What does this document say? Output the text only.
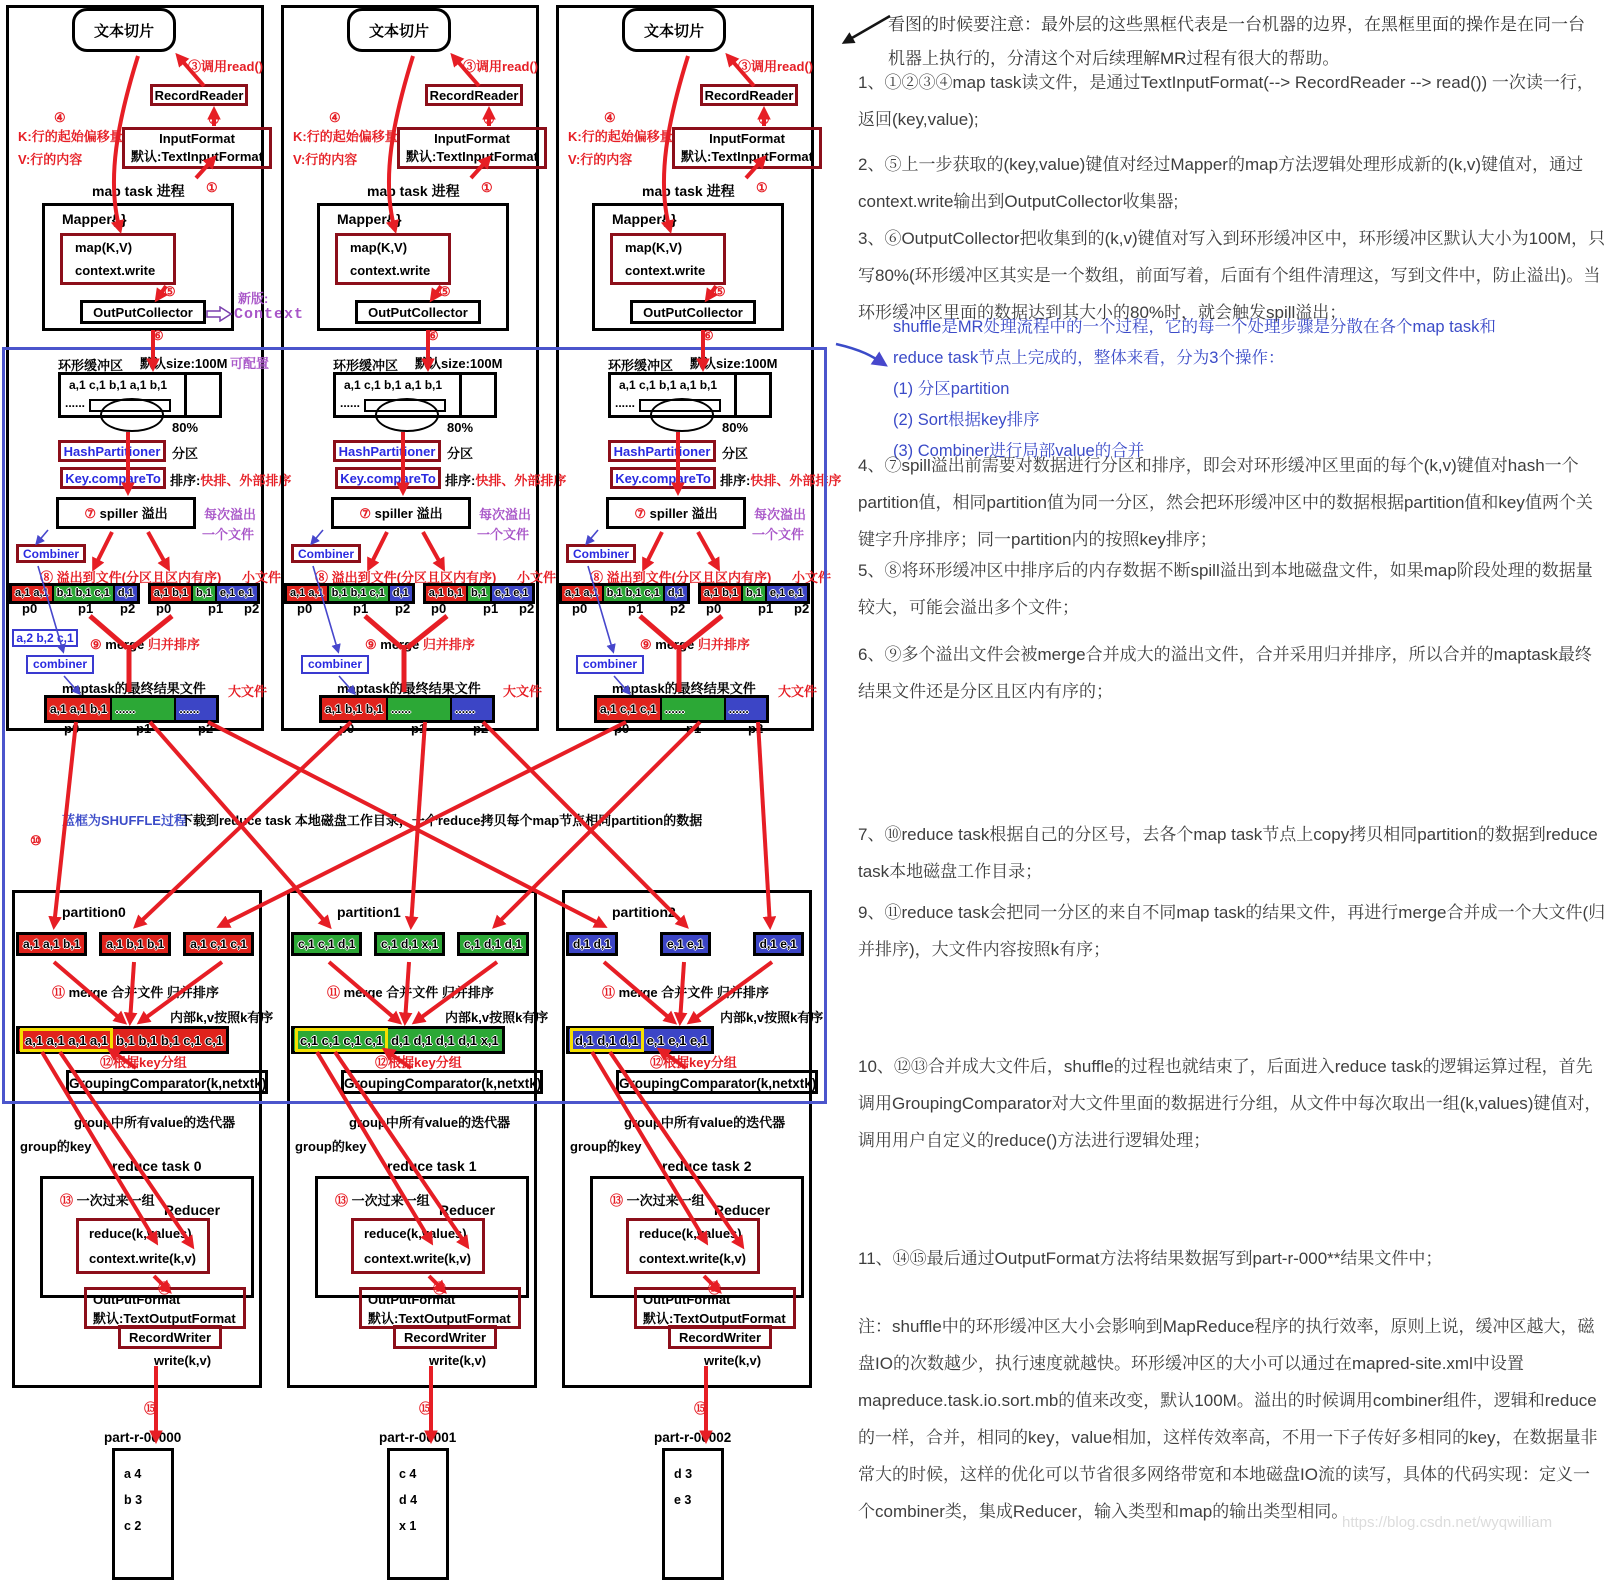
蓝框为SHUFFLE过程
下载到reduce task 本地磁盘工作目录，一个reduce拷贝每个map节点相同partition的数据
⑩
看图的时候要注意：最外层的这些黑框代表是一台机器的边界，在黑框里面的操作是在同一台机器上执行的，分清这个对后续理解MR过程有很大的帮助。
1、①②③④map task读文件，是通过TextInputFormat(--> RecordReader --> read()) 一次读一行，返回(key,value);
2、⑤上一步获取的(key,value)键值对经过Mapper的map方法逻辑处理形成新的(k,v)键值对，通过context.write输出到OutputCollector收集器;
3、⑥OutputCollector把收集到的(k,v)键值对写入到环形缓冲区中，环形缓冲区默认大小为100M，只写80%(环形缓冲区其实是一个数组，前面写着，后面有个组件清理这，写到文件中，防止溢出)。当环形缓冲区里面的数据达到其大小的80%时，就会触发spill溢出；
shuffle是MR处理流程中的一个过程，它的每一个处理步骤是分散在各个map task和reduce task节点上完成的，整体来看，分为3个操作：
(1) 分区partition
(2) Sort根据key排序
(3) Combiner进行局部value的合并
4、⑦spill溢出前需要对数据进行分区和排序，即会对环形缓冲区里面的每个(k,v)键值对hash一个partition值，相同partition值为同一分区，然会把环形缓冲区中的数据根据partition值和key值两个关键字升序排序；同一partition内的按照key排序；
5、⑧将环形缓冲区中排序后的内存数据不断spill溢出到本地磁盘文件，如果map阶段处理的数据量较大，可能会溢出多个文件；
6、⑨多个溢出文件会被merge合并成大的溢出文件，合并采用归并排序，所以合并的maptask最终结果文件还是分区且区内有序的；
7、⑩reduce task根据自己的分区号，去各个map task节点上copy拷贝相同partition的数据到reduce task本地磁盘工作目录；
9、⑪reduce task会把同一分区的来自不同map task的结果文件，再进行merge合并成一个大文件(归并排序)，大文件内容按照k有序；
10、⑫⑬合并成大文件后，shuffle的过程也就结束了，后面进入reduce task的逻辑运算过程，首先调用GroupingComparator对大文件里面的数据进行分组，从文件中每次取出一组(k,values)键值对，调用用户自定义的reduce()方法进行逻辑处理；
11、⑭⑮最后通过OutputFormat方法将结果数据写到part-r-000**结果文件中；
注：shuffle中的环形缓冲区大小会影响到MapReduce程序的执行效率，原则上说，缓冲区越大，磁盘IO的次数越少，执行速度就越快。环形缓冲区的大小可以通过在mapred-site.xml中设置mapreduce.task.io.sort.mb的值来改变，默认100M。溢出的时候调用combiner组件，逻辑和reduce的一样，合并，相同的key，value相加，这样传效率高，不用一下子传好多相同的key，在数据量非常大的时候，这样的优化可以节省很多网络带宽和本地磁盘IO流的读写，具体的代码实现：定义一个combiner类，集成Reducer，输入类型和map的输出类型相同。
https://blog.csdn.net/wyqwilliam
文本切片
③调用read()
RecordReader
②
InputFormat
默认:TextInputFormat
④
K:行的起始偏移量
V:行的内容
map task 进程 ①
Mapper{ }
map(K,V)
context.write
⑤
OutPutCollector
⑥
新版:
Context
环形缓冲区 默认size:100M 可配置
a,1 c,1 b,1 a,1 b,1
......
80%
HashPartitioner 分区
Key.compareTo 排序:快排、外部排序
⑦ spiller 溢出	每次溢出
一个文件
Combiner
⑧ 溢出到文件(分区且区内有序) 小文件
a,1 a,1 b,1 b,1 c,1 d,1 a,1 b,1 b,1 e,1 e,1
p0	p1 p2 p0	p1 p2
a,2 b,2 c,1	⑨ merge 归并排序
combiner
maptask的最终结果文件 大文件
a,1 a,1 b,1 ......	......
p0	p1	p2
partition0
a,1 a,1 b,1	a,1 b,1 b,1	a,1 c,1 c,1
⑪ merge 合并文件 归并排序
内部k,v按照k有序
a,1 a,1 a,1 a,1 b,1 b,1 b,1 c,1 c,1
⑫根据key分组
GroupingComparator(k,netxtk)
group中所有value的迭代器
group的key
reduce task 0
⑬ 一次过来一组
Reducer
reduce(k,values)
context.write(k,v)
⑭
OutPutFormat
默认:TextOutputFormat
RecordWriter
write(k,v)
⑮
part-r-00000
a 4
b 3
c 2
文本切片
③调用read()
RecordReader
②
InputFormat
默认:TextInputFormat
④
K:行的起始偏移量
V:行的内容
map task 进程 ①
Mapper{ }
map(K,V)
context.write
⑤
OutPutCollector
⑥
环形缓冲区 默认size:100M
a,1 c,1 b,1 a,1 b,1
......
80%
HashPartitioner 分区
Key.compareTo 排序:快排、外部排序
⑦ spiller 溢出	每次溢出
一个文件
Combiner
⑧ 溢出到文件(分区且区内有序) 小文件
a,1 a,1 b,1 b,1 c,1 d,1 a,1 b,1 b,1 e,1 e,1
p0	p1 p2 p0	p1 p2
⑨ merge 归并排序
combiner
maptask的最终结果文件 大文件
a,1 b,1 b,1 ......	......
p0	p1	p2
partition1
c,1 c,1 d,1	c,1 d,1 x,1	c,1 d,1 d,1
⑪ merge 合并文件 归并排序
内部k,v按照k有序
c,1 c,1 c,1 c,1 d,1 d,1 d,1 d,1 x,1
⑫根据key分组
GroupingComparator(k,netxtk)
group中所有value的迭代器
group的key
reduce task 1
⑬ 一次过来一组
Reducer
reduce(k,values)
context.write(k,v)
⑭
OutPutFormat
默认:TextOutputFormat
RecordWriter
write(k,v)
⑮
part-r-00001
c 4
d 4
x 1
文本切片
③调用read()
RecordReader
②
InputFormat
默认:TextInputFormat
④
K:行的起始偏移量
V:行的内容
map task 进程 ①
Mapper{ }
map(K,V)
context.write
⑤
OutPutCollector
⑥
环形缓冲区 默认size:100M
a,1 c,1 b,1 a,1 b,1
......
80%
HashPartitioner 分区
Key.compareTo 排序:快排、外部排序
⑦ spiller 溢出	每次溢出
一个文件
Combiner
⑧ 溢出到文件(分区且区内有序) 小文件
a,1 a,1 b,1 b,1 c,1 d,1 a,1 b,1 b,1 e,1 e,1
p0	p1 p2 p0	p1 p2
⑨ merge 归并排序
combiner
maptask的最终结果文件 大文件
a,1 c,1 c,1 ......	......
p0	p1	p2
partition2
d,1 d,1	e,1 e,1	d,1 e,1
⑪ merge 合并文件 归并排序
内部k,v按照k有序
d,1 d,1 d,1 e,1 e,1 e,1
⑫根据key分组
GroupingComparator(k,netxtk)
group中所有value的迭代器
group的key
reduce task 2
⑬ 一次过来一组
Reducer
reduce(k,values)
context.write(k,v)
⑭
OutPutFormat
默认:TextOutputFormat
RecordWriter
write(k,v)
⑮
part-r-00002
d 3
e 3
